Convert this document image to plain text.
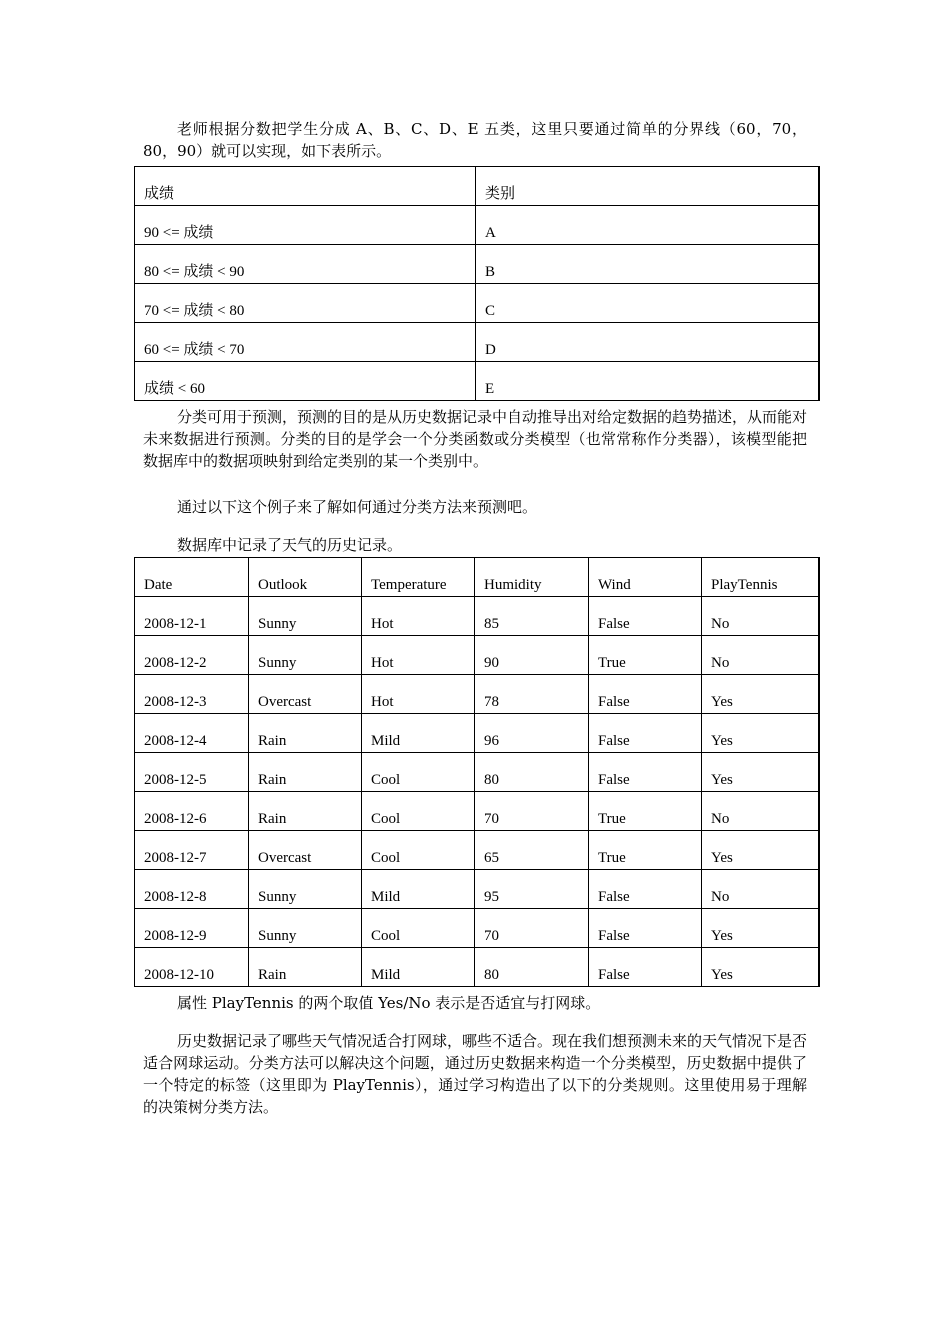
老师根据分数把学生分成 A、B、C、D、E 五类，这里只要通过简单的分界线（60，70，80，90）就可以实现，如下表所示。

成绩	类别
90 <= 成绩	A
80 <= 成绩 < 90	B
70 <= 成绩 < 80	C
60 <= 成绩 < 70	D
成绩 < 60	E

分类可用于预测，预测的目的是从历史数据记录中自动推导出对给定数据的趋势描述，从而能对未来数据进行预测。分类的目的是学会一个分类函数或分类模型（也常常称作分类器），该模型能把数据库中的数据项映射到给定类别的某一个类别中。

通过以下这个例子来了解如何通过分类方法来预测吧。

数据库中记录了天气的历史记录。

Date	Outlook	Temperature	Humidity	Wind	PlayTennis
2008-12-1	Sunny	Hot	85	False	No
2008-12-2	Sunny	Hot	90	True	No
2008-12-3	Overcast	Hot	78	False	Yes
2008-12-4	Rain	Mild	96	False	Yes
2008-12-5	Rain	Cool	80	False	Yes
2008-12-6	Rain	Cool	70	True	No
2008-12-7	Overcast	Cool	65	True	Yes
2008-12-8	Sunny	Mild	95	False	No
2008-12-9	Sunny	Cool	70	False	Yes
2008-12-10	Rain	Mild	80	False	Yes

属性 PlayTennis 的两个取值 Yes/No 表示是否适宜与打网球。

历史数据记录了哪些天气情况适合打网球，哪些不适合。现在我们想预测未来的天气情况下是否适合网球运动。分类方法可以解决这个问题，通过历史数据来构造一个分类模型，历史数据中提供了一个特定的标签（这里即为 PlayTennis），通过学习构造出了以下的分类规则。这里使用易于理解的决策树分类方法。
